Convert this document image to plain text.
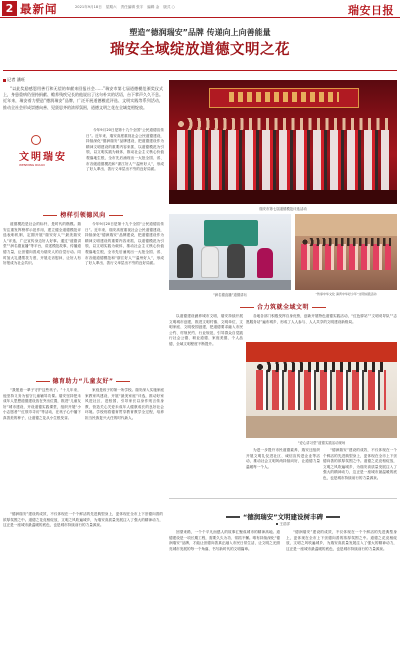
2 最新闻	2021年9月18日 星期六 责任编辑 张宇 编辑 金 版式 ○	瑞安日报
塑造“德润瑞安”品牌 传递向上向善能量
瑞安全域绽放道德文明之花
记者 潘旺
“以此奖励感恩用善行和无偿的奉献来回报社会……”瑞安市第七届道德模范颁奖仪式上，身患重病仍坚持捐献、赡养残疾兄长的他说出了这句朴实的话语，台下掌声久久不息。近年来，瑞安着力塑造“德润瑞安”品牌，广泛开展道德模范评选、文明实践等系列活动，推动全社会形成崇德向善、见贤思齐的浓厚氛围，道德文明之花在全域竞相绽放。
文明瑞安
WENMING RUIAN
今年9月20日是第十九个全国“公民道德宣传日”。近年来，瑞安高度重视社会公民道德建设，持续深化“德润瑞安”品牌建设，把道德建设作为精神文明建设的重要内容来抓，以道德模范为引领，以文明实践为载体，推动社会主义核心价值观落地生根，全市先后涌现出一大批全国、省、市各级道德模范和“浙江好人”“温州好人”，形成了好人辈出、善行义举层出不穷的良好局面。
榜样引领德风向
道德模范是社会的标杆，是时代的楷模。瑞安注重发挥榜样示范作用，建立健全道德模范评选表彰机制，定期开展“瑞安好人”“最美瑞安人”评选，广泛宣传身边好人好事。通过“道德讲堂”“润名德直播”等平台，讲述模范故事，传播道德力量，让崇德向善成为瑞安人的自觉行动。同时加大礼遇帮扶力度，开展走访慰问，让好人有好报成为社会共识。
今年9月20日是第十九个全国“公民道德宣传日”。近年来，瑞安高度重视社会公民道德建设，持续深化“德润瑞安”品牌建设，把道德建设作为精神文明建设的重要内容来抓，以道德模范为引领，以文明实践为载体，推动社会主义核心价值观落地生根，全市先后涌现出一大批全国、省、市各级道德模范和“浙江好人”“温州好人”，形成了好人辈出、善行义举层出不穷的良好局面。
德育助力“儿童友好”
“我愿意一辈子守护这些孩子。”十几年来，他坚持义务为留守儿童辅导功课。瑞安坚持把未成年人思想道德建设放在突出位置，推进“儿童友好”城市建设，开设道德实践课堂，组织开展“小小志愿者”“红领巾寻访”等活动，在孩子心中播下真善美的种子，让道德之花从小生根发芽。
家庭是孩子的第一所学校。瑞安深入实施家庭家教家风建设，开展“最美家庭”评选，推动好家风进社区、进校园，引导家长以身作则言传身教，营造关心关爱未成年人健康成长的良好社会环境。学校则将德育贯穿教育教学全过程，培养担当民族复兴大任的时代新人。
瑞安市第七届道德模范评选活动
“润名德直播”道德讲坛	“传承中华文化 润育中华好少年”文明实践活动
合力筑就全域文明
以道德建设涵养城市文明，瑞安持续开展文明城市创建，推进文明村镇、文明单位、文明家庭、文明校园创建，把道德要求融入市民公约、村规民约、行业规范，引导群众自觉践行社会公德、职业道德、家庭美德、个人品德，全域文明程度不断提升。
各地各部门积极发挥自身优势，创新开展特色道德实践活动，“红色驿站”“文明劝导队”“志愿服务站”遍布城乡，形成了人人参与、人人共享的文明建设新格局。
“爱心讲习堂”道德实践活动现场
为进一步提升市民道德素养，瑞安还组织开展文明礼仪进社区、诚信宣传进企业等活动，推动社会文明风尚持续向好，让道德力量温暖每一个人。
“德润瑞安”建设的成效，不仅体现在一个个鲜活的先进典型身上，更体现在全市上下崇德向善的浓厚氛围之中。道德之花竞相绽放，文明之风吹遍城乡，为瑞安高质量发展注入了强大的精神动力，这正是一座城市最温暖的底色，也是城市持续前行的力量源泉。
“德润瑞安”文明建设树丰碑
王浩洋
“德润瑞安”建设的成效，不仅体现在一个个鲜活的先进典型身上，更体现在全市上下崇德向善的浓厚氛围之中。道德之花竞相绽放，文明之风吹遍城乡，为瑞安高质量发展注入了强大的精神动力，这正是一座城市最温暖的底色，也是城市持续前行的力量源泉。
回望来路，一个个平凡而感人的故事汇聚成城市的精神高地。道德建设是一项长期工程，需要久久为功、常抓不懈。唯有持续深化“德润瑞安”品牌，才能让崇德向善真正融入市民日常生活，让文明之光照亮城市发展的每一个角落，书写新时代的文明篇章。
“德润瑞安”建设的成效，不仅体现在一个个鲜活的先进典型身上，更体现在全市上下崇德向善的浓厚氛围之中。道德之花竞相绽放，文明之风吹遍城乡，为瑞安高质量发展注入了强大的精神动力，这正是一座城市最温暖的底色，也是城市持续前行的力量源泉。
